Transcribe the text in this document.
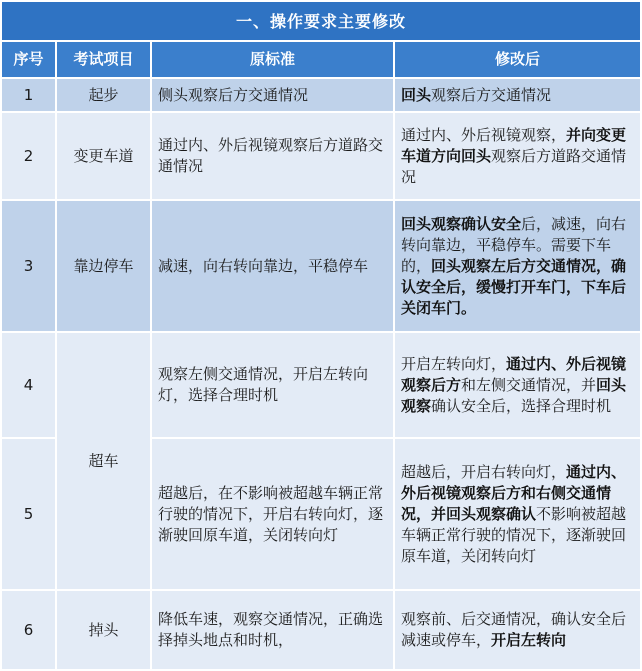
一、操作要求主要修改			
序号	考试项目	原标准	修改后
1	起步	侧头观察后方交通情况	回头观察后方交通情况
2	变更车道	通过内、外后视镜观察后方道路交通情况	通过内、外后视镜观察，并向变更车道方向回头观察后方道路交通情况
3	靠边停车	减速，向右转向靠边，平稳停车	回头观察确认安全后，减速，向右转向靠边，平稳停车。需要下车的，回头观察左后方交通情况，确认安全后，缓慢打开车门，下车后关闭车门。
4	超车	观察左侧交通情况，开启左转向灯，选择合理时机	开启左转向灯，通过内、外后视镜观察后方和左侧交通情况，并回头观察确认安全后，选择合理时机
5		超越后，在不影响被超越车辆正常行驶的情况下，开启右转向灯，逐渐驶回原车道，关闭转向灯	超越后，开启右转向灯，通过内、外后视镜观察后方和右侧交通情况，并回头观察确认不影响被超越车辆正常行驶的情况下，逐渐驶回原车道，关闭转向灯
6	掉头	降低车速，观察交通情况，正确选择掉头地点和时机，	观察前、后交通情况，确认安全后减速或停车，开启左转向
